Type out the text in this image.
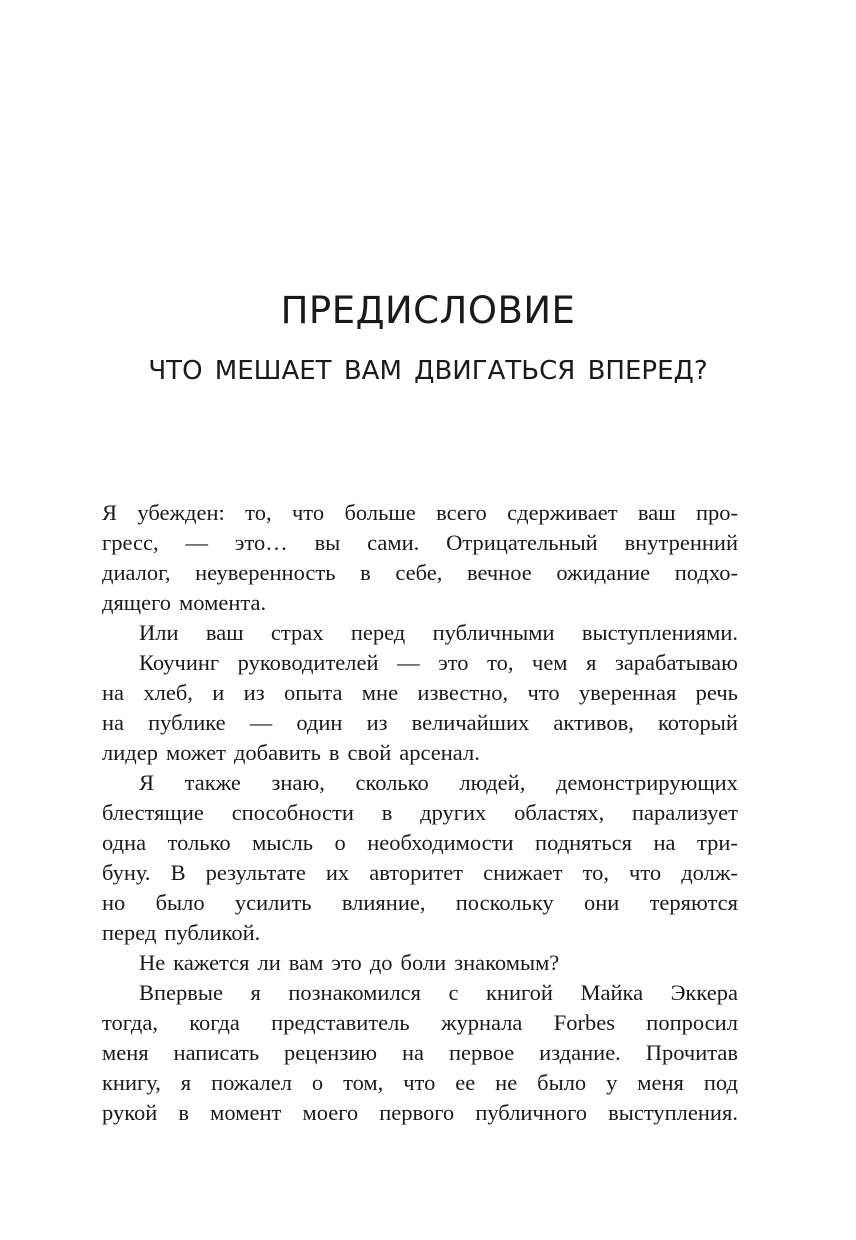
ПРЕДИСЛОВИЕ
ЧТО МЕШАЕТ ВАМ ДВИГАТЬСЯ ВПЕРЕД?
Я убежден: то, что больше всего сдерживает ваш про-
гресс, — это… вы сами. Отрицательный внутренний
диалог, неуверенность в себе, вечное ожидание подхо-
дящего момента.
Или ваш страх перед публичными выступлениями.
Коучинг руководителей — это то, чем я зарабатываю
на хлеб, и из опыта мне известно, что уверенная речь
на публике — один из величайших активов, который
лидер может добавить в свой арсенал.
Я также знаю, сколько людей, демонстрирующих
блестящие способности в других областях, парализует
одна только мысль о необходимости подняться на три-
буну. В результате их авторитет снижает то, что долж-
но было усилить влияние, поскольку они теряются
перед публикой.
Не кажется ли вам это до боли знакомым?
Впервые я познакомился с книгой Майка Эккера
тогда, когда представитель журнала Forbes попросил
меня написать рецензию на первое издание. Прочитав
книгу, я пожалел о том, что ее не было у меня под
рукой в момент моего первого публичного выступления.
